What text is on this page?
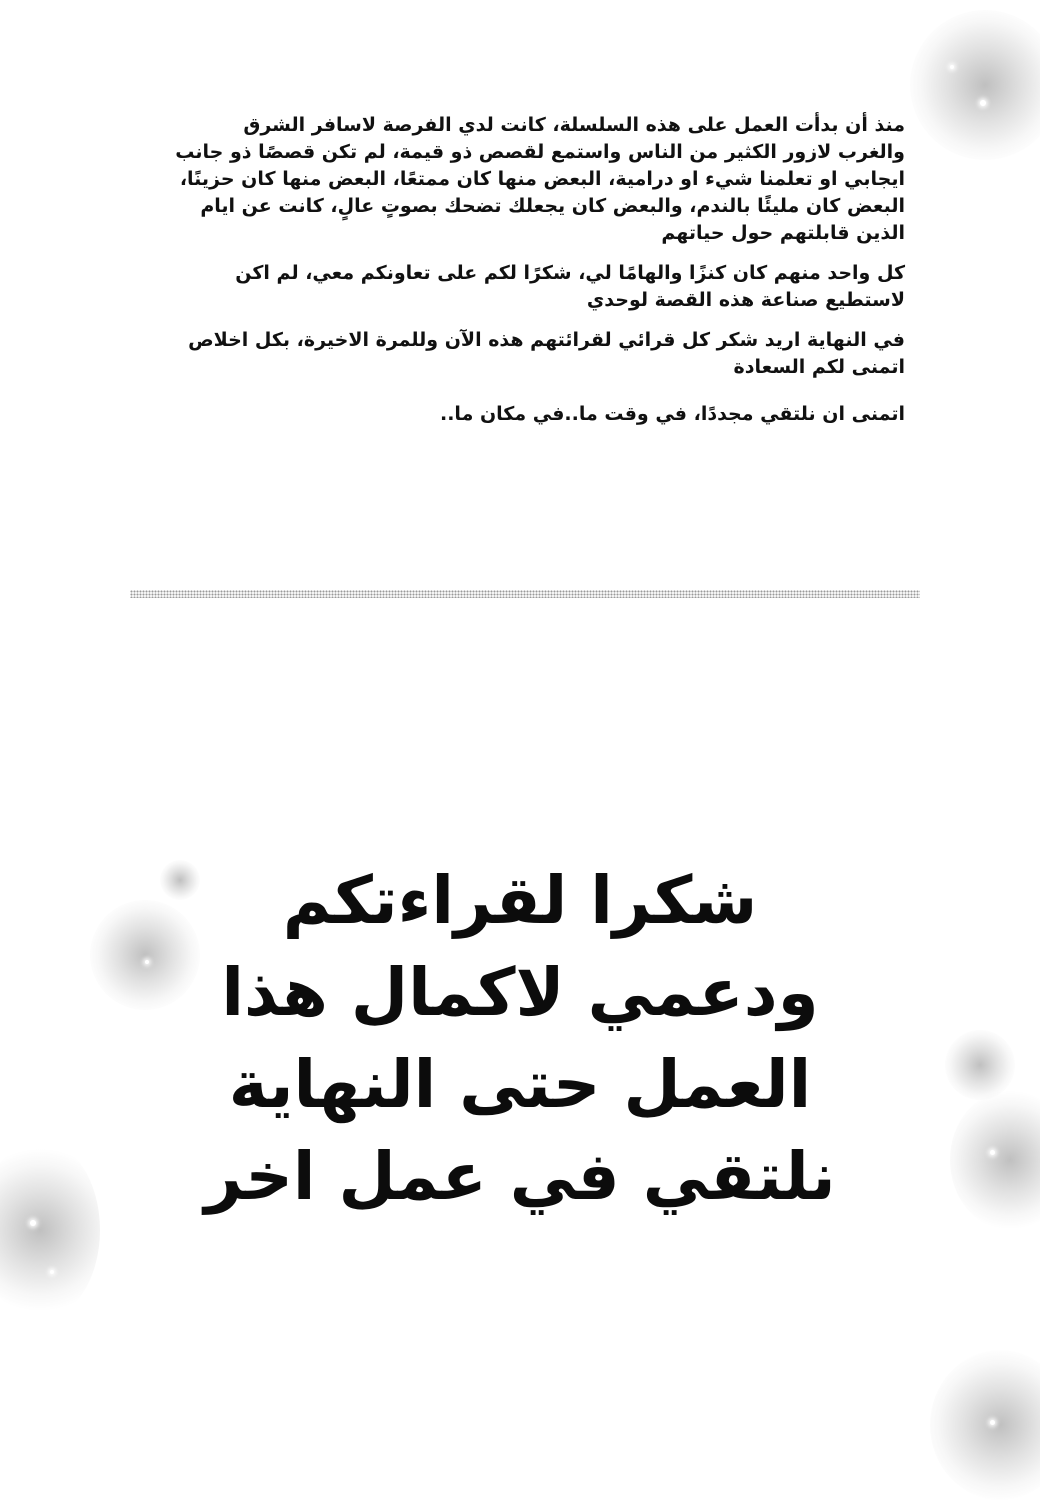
منذ أن بدأت العمل على هذه السلسلة، كانت لدي الفرصة لاسافر الشرق والغرب لازور الكثير من الناس واستمع لقصص ذو قيمة، لم تكن قصصًا ذو جانب ايجابي او تعلمنا شيء او درامية، البعض منها كان ممتعًا، البعض منها كان حزينًا، البعض كان مليئًا بالندم، والبعض كان يجعلك تضحك بصوتٍ عالٍ، كانت عن ايام الذين قابلتهم حول حياتهم

كل واحد منهم كان كنزًا والهامًا لي، شكرًا لكم على تعاونكم معي، لم اكن لاستطيع صناعة هذه القصة لوحدي

في النهاية اريد شكر كل قرائي لقرائتهم هذه الآن وللمرة الاخيرة، بكل اخلاص اتمنى لكم السعادة

اتمنى ان نلتقي مجددًا، في وقت ما..في مكان ما..

شكرا لقراءتكم
ودعمي لاكمال هذا
العمل حتى النهاية
نلتقي في عمل اخر
